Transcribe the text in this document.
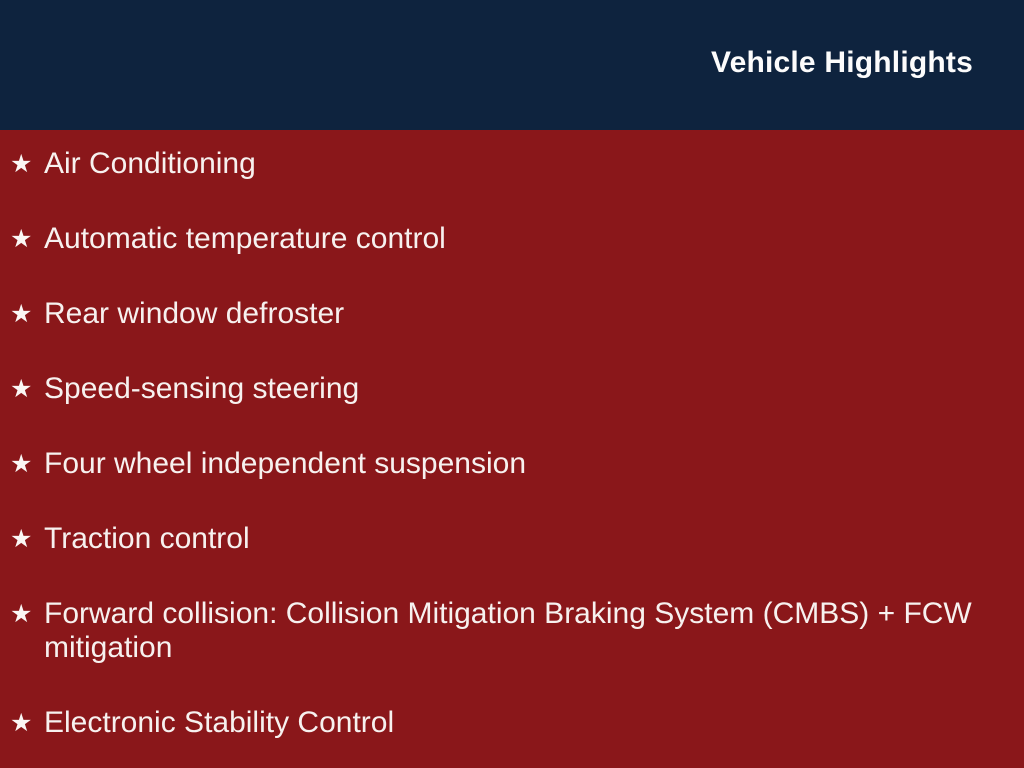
Vehicle Highlights
★ Air Conditioning
★ Automatic temperature control
★ Rear window defroster
★ Speed-sensing steering
★ Four wheel independent suspension
★ Traction control
★ Forward collision: Collision Mitigation Braking System (CMBS) + FCW mitigation
★ Electronic Stability Control
